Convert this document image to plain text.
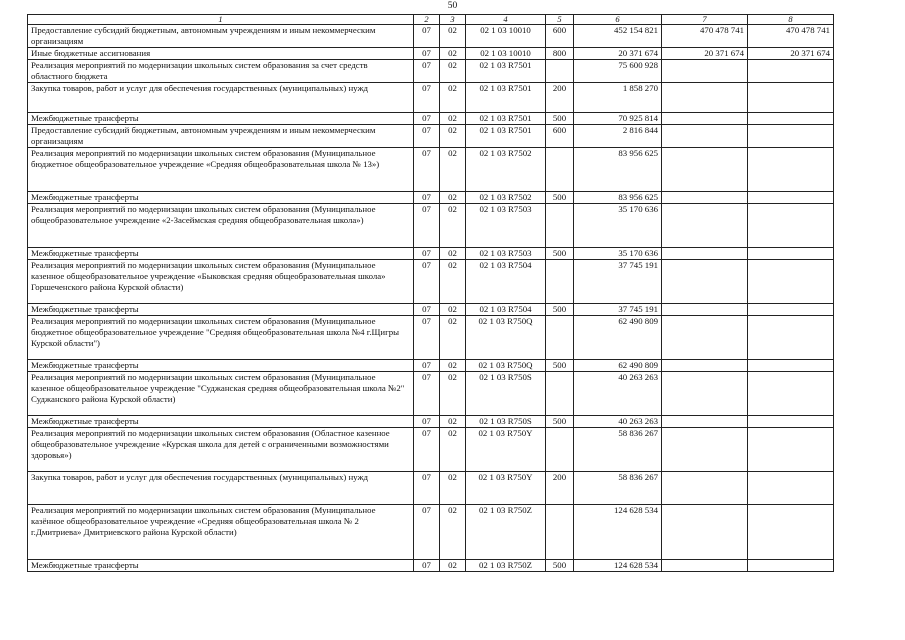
50
1	2	3	4	5	6	7	8
Предоставление субсидий бюджетным, автономным учреждениям и иным некоммерческим организациям	07	02	02 1 03 10010	600	452 154 821	470 478 741	470 478 741
Иные бюджетные ассигнования	07	02	02 1 03 10010	800	20 371 674	20 371 674	20 371 674
Реализация мероприятий по модернизации школьных систем образования за счет средств областного бюджета	07	02	02 1 03 R7501		75 600 928		
Закупка товаров, работ и услуг для обеспечения государственных (муниципальных) нужд	07	02	02 1 03 R7501	200	1 858 270		
Межбюджетные трансферты	07	02	02 1 03 R7501	500	70 925 814		
Предоставление субсидий бюджетным, автономным учреждениям и иным некоммерческим организациям	07	02	02 1 03 R7501	600	2 816 844		
Реализация мероприятий по модернизации школьных систем образования (Муниципальное бюджетное общеобразовательное учреждение «Средняя общеобразовательная школа № 13»)	07	02	02 1 03 R7502		83 956 625		
Межбюджетные трансферты	07	02	02 1 03 R7502	500	83 956 625		
Реализация мероприятий по модернизации школьных систем образования (Муниципальное общеобразовательное учреждение «2-Засеймская средняя общеобразовательная школа»)	07	02	02 1 03 R7503		35 170 636		
Межбюджетные трансферты	07	02	02 1 03 R7503	500	35 170 636		
Реализация мероприятий по модернизации школьных систем образования (Муниципальное казенное общеобразовательное учреждение «Быковская средняя общеобразовательная школа» Горшеченского района Курской области)	07	02	02 1 03 R7504		37 745 191		
Межбюджетные трансферты	07	02	02 1 03 R7504	500	37 745 191		
Реализация мероприятий по модернизации школьных систем образования (Муниципальное бюджетное общеобразовательное учреждение "Средняя общеобразовательная школа №4 г.Щигры Курской области")	07	02	02 1 03 R750Q		62 490 809		
Межбюджетные трансферты	07	02	02 1 03 R750Q	500	62 490 809		
Реализация мероприятий по модернизации школьных систем образования (Муниципальное казенное общеобразовательное учреждение "Суджанская средняя общеобразовательная школа №2" Суджанского района Курской области)	07	02	02 1 03 R750S		40 263 263		
Межбюджетные трансферты	07	02	02 1 03 R750S	500	40 263 263		
Реализация мероприятий по модернизации школьных систем образования (Областное казенное общеобразовательное учреждение «Курская школа для детей с ограниченными возможностями здоровья»)	07	02	02 1 03 R750Y		58 836 267		
Закупка товаров, работ и услуг для обеспечения государственных (муниципальных) нужд	07	02	02 1 03 R750Y	200	58 836 267		
Реализация мероприятий по модернизации школьных систем образования (Муниципальное казённое общеобразовательное учреждение «Средняя общеобразовательная школа № 2 г.Дмитриева» Дмитриевского района Курской области)	07	02	02 1 03 R750Z		124 628 534		
Межбюджетные трансферты	07	02	02 1 03 R750Z	500	124 628 534		
